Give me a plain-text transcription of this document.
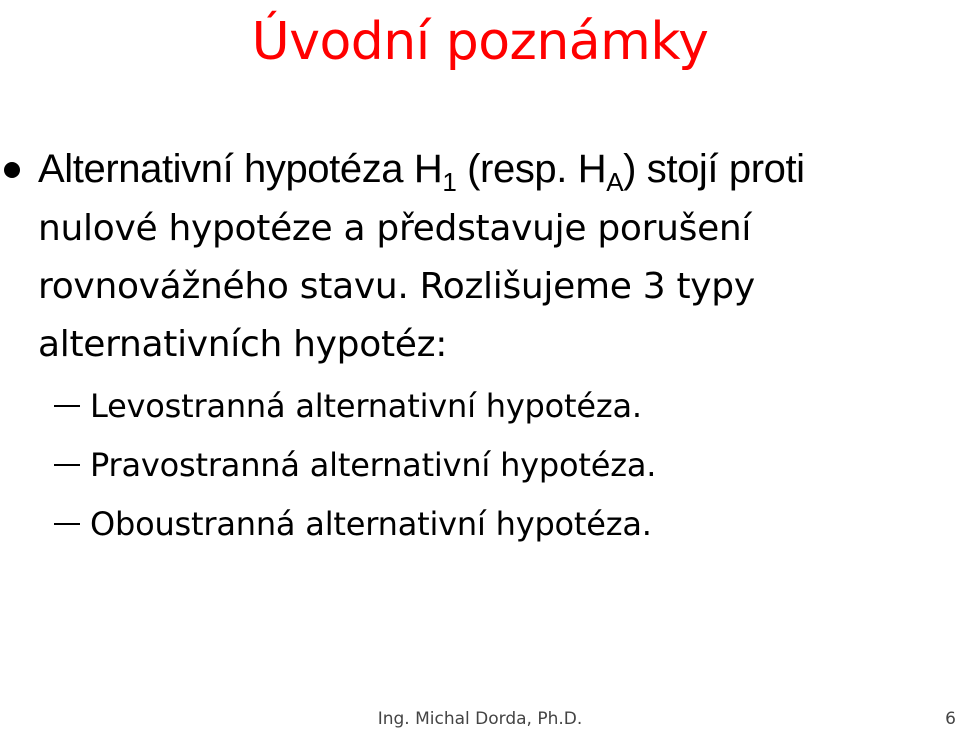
Úvodní poznámky
Alternativní hypotéza $H_1$ (resp. $H_A$) stojí proti nulové hypotéze a představuje porušení rovnovážného stavu. Rozlišujeme 3 typy alternativních hypotéz:
Levostranná alternativní hypotéza.
Pravostranná alternativní hypotéza.
Oboustranná alternativní hypotéza.
Ing. Michal Dorda, Ph.D.	6
